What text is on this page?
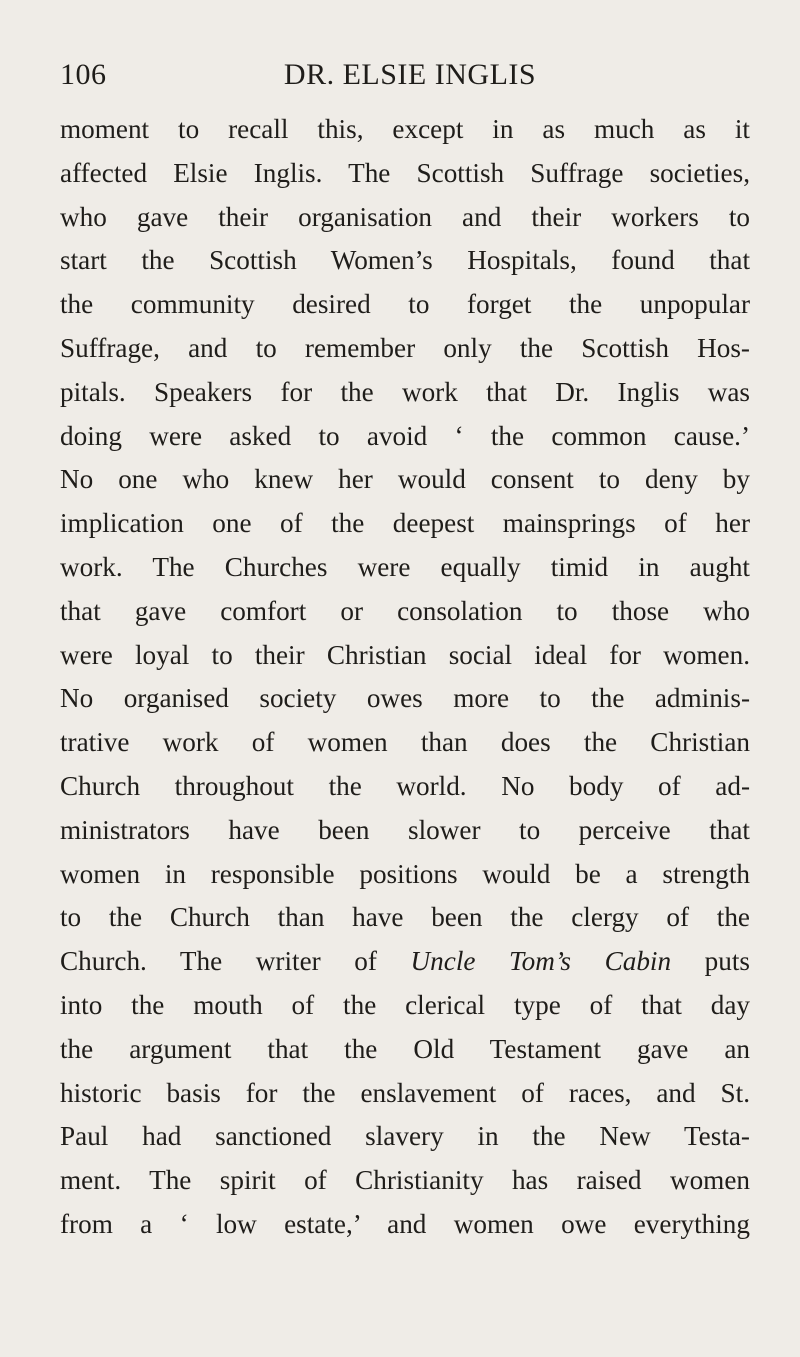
106	DR. ELSIE INGLIS
moment to recall this, except in as much as it
affected Elsie Inglis. The Scottish Suffrage societies,
who gave their organisation and their workers to
start the Scottish Women’s Hospitals, found that
the community desired to forget the unpopular
Suffrage, and to remember only the Scottish Hos-
pitals. Speakers for the work that Dr. Inglis was
doing were asked to avoid ‘ the common cause.’
No one who knew her would consent to deny by
implication one of the deepest mainsprings of her
work. The Churches were equally timid in aught
that gave comfort or consolation to those who
were loyal to their Christian social ideal for women.
No organised society owes more to the adminis-
trative work of women than does the Christian
Church throughout the world. No body of ad-
ministrators have been slower to perceive that
women in responsible positions would be a strength
to the Church than have been the clergy of the
Church. The writer of Uncle Tom’s Cabin puts
into the mouth of the clerical type of that day
the argument that the Old Testament gave an
historic basis for the enslavement of races, and St.
Paul had sanctioned slavery in the New Testa-
ment. The spirit of Christianity has raised women
from a ‘ low estate,’ and women owe everything
